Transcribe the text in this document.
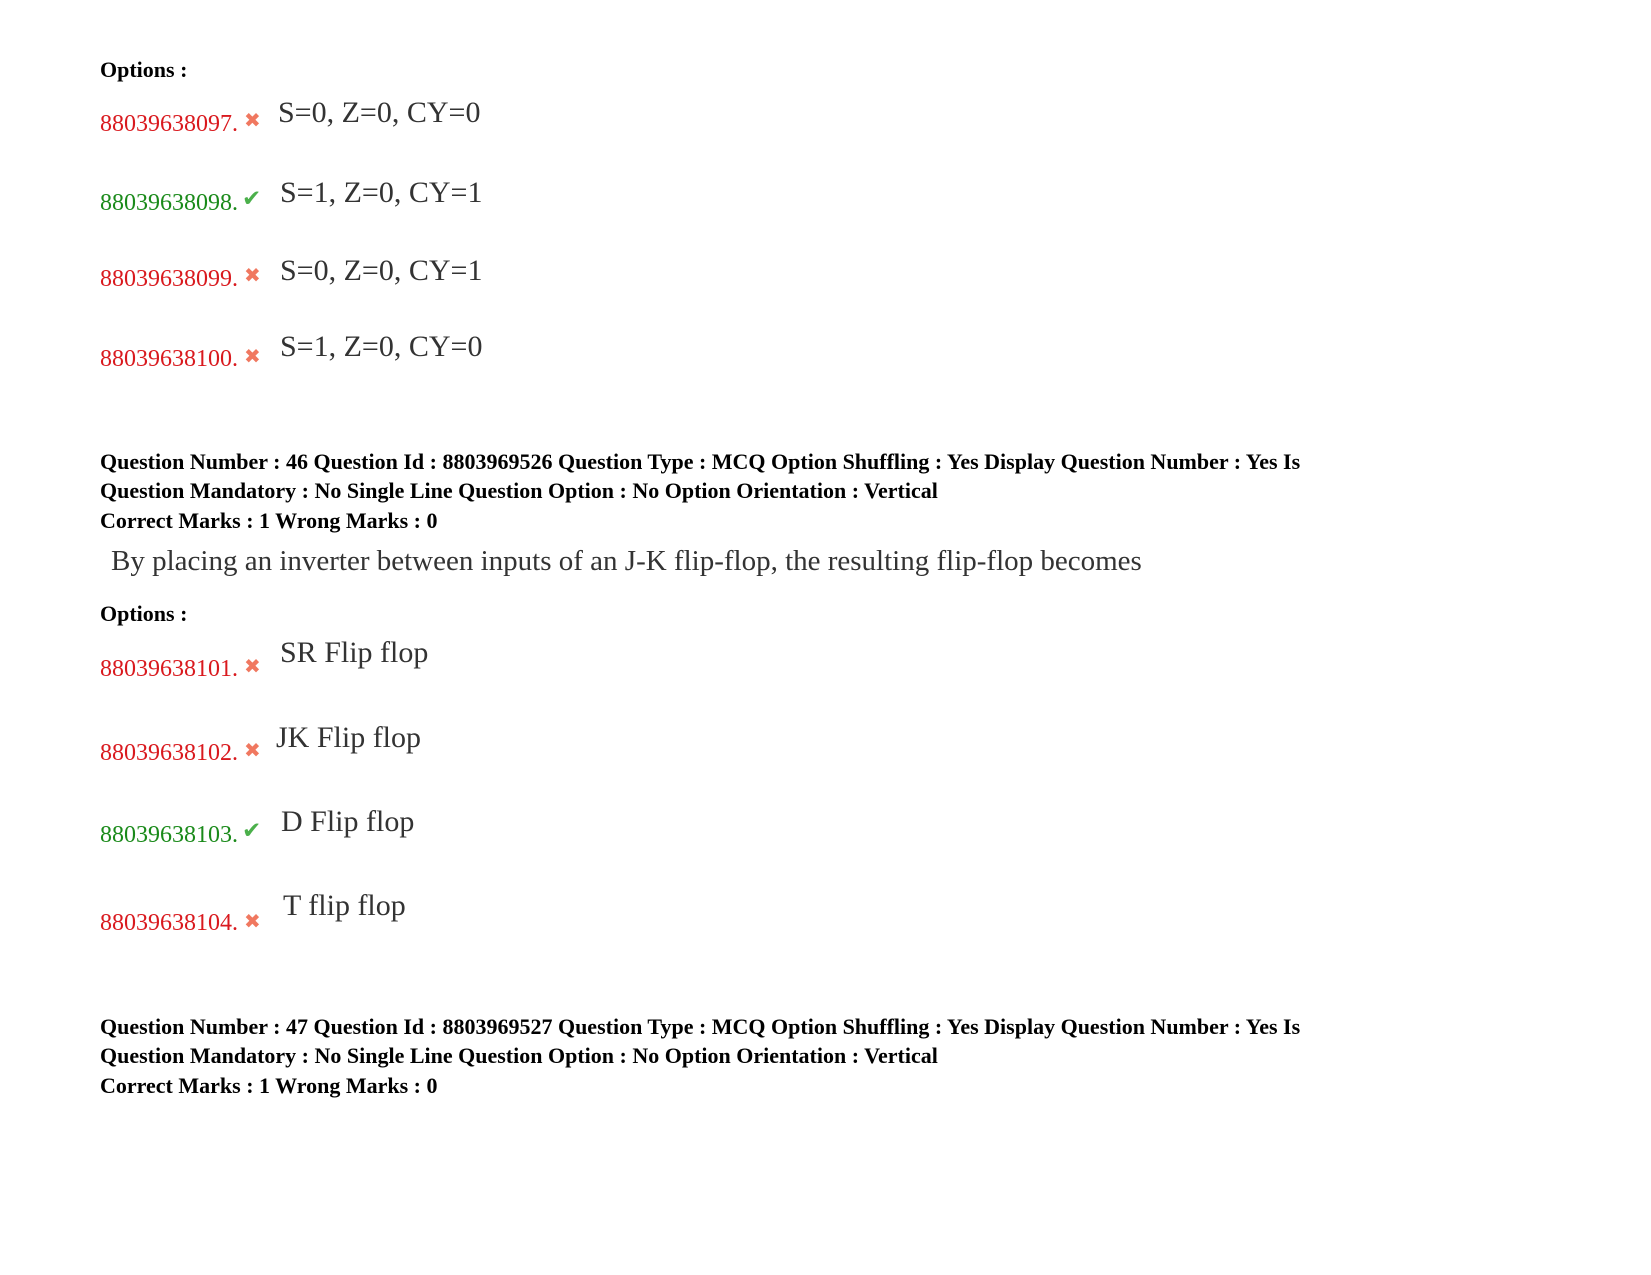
Options :
88039638097. ✖ S=0, Z=0, CY=0
88039638098. ✔ S=1, Z=0, CY=1
88039638099. ✖ S=0, Z=0, CY=1
88039638100. ✖ S=1, Z=0, CY=0
Question Number : 46 Question Id : 8803969526 Question Type : MCQ Option Shuffling : Yes Display Question Number : Yes Is
Question Mandatory : No Single Line Question Option : No Option Orientation : Vertical
Correct Marks : 1 Wrong Marks : 0
By placing an inverter between inputs of an J-K flip-flop, the resulting flip-flop becomes
Options :
88039638101. ✖ SR Flip flop
88039638102. ✖ JK Flip flop
88039638103. ✔ D Flip flop
88039638104. ✖ T flip flop
Question Number : 47 Question Id : 8803969527 Question Type : MCQ Option Shuffling : Yes Display Question Number : Yes Is
Question Mandatory : No Single Line Question Option : No Option Orientation : Vertical
Correct Marks : 1 Wrong Marks : 0
